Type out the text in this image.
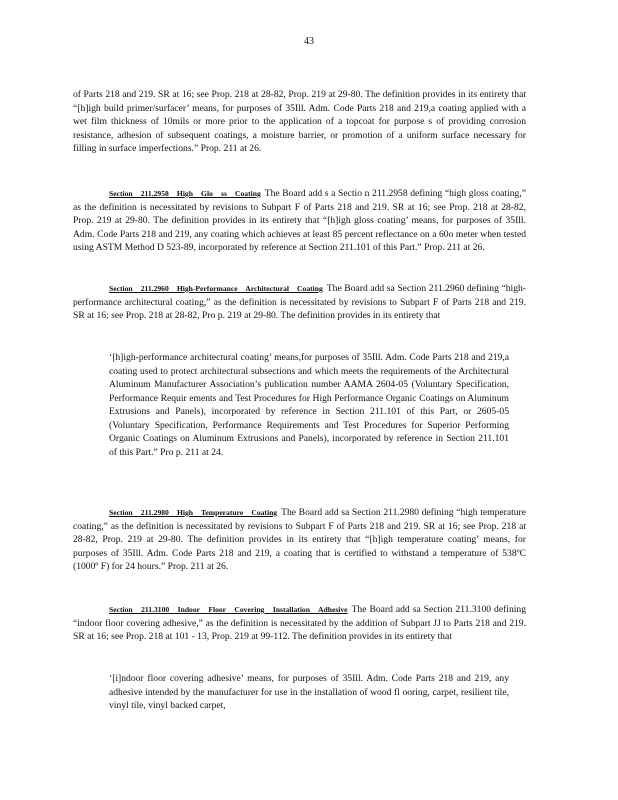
43

of Parts 218 and 219. SR at 16; see Prop. 218 at 28-82, Prop. 219 at 29-80. The definition provides in its entirety that “[h]igh build primer/surfacer’ means, for purposes of 35Ill. Adm. Code Parts 218 and 219,a coating applied with a wet film thickness of 10mils or more prior to the application of a topcoat for purpose s of providing corrosion resistance, adhesion of subsequent coatings, a moisture barrier, or promotion of a uniform surface necessary for filling in surface imperfections.” Prop. 211 at 26.

Section 211.2958 High Glo ss Coating The Board add s a Sectio n 211.2958 defining “high gloss coating,” as the definition is necessitated by revisions to Subpart F of Parts 218 and 219. SR at 16; see Prop. 218 at 28-82, Prop. 219 at 29-80. The definition provides in its entirety that “[h]igh gloss coating’ means, for purposes of 35Ill. Adm. Code Parts 218 and 219, any coating which achieves at least 85 percent reflectance on a 60o meter when tested using ASTM Method D 523-89, incorporated by reference at Section 211.101 of this Part.” Prop. 211 at 26.

Section 211.2960 High-Performance Architectural Coating The Board add sa Section 211.2960 defining “high-performance architectural coating,” as the definition is necessitated by revisions to Subpart F of Parts 218 and 219. SR at 16; see Prop. 218 at 28-82, Pro p. 219 at 29-80. The definition provides in its entirety that

‘[h]igh-performance architectural coating’ means,for purposes of 35Ill. Adm. Code Parts 218 and 219,a coating used to protect architectural subsections and which meets the requirements of the Architectural Aluminum Manufacturer Association’s publication number AAMA 2604-05 (Voluntary Specification, Performance Requir ements and Test Procedures for High Performance Organic Coatings on Aluminum Extrusions and Panels), incorporated by reference in Section 211.101 of this Part, or 2605-05 (Voluntary Specification, Performance Requirements and Test Procedures for Superior Performing Organic Coatings on Aluminum Extrusions and Panels), incorporated by reference in Section 211.101 of this Part.” Pro p. 211 at 24.

Section 211.2980 High Temperature Coating The Board add sa Section 211.2980 defining “high temperature coating,” as the definition is necessitated by revisions to Subpart F of Parts 218 and 219. SR at 16; see Prop. 218 at 28-82, Prop. 219 at 29-80. The definition provides in its entirety that “[h]igh temperature coating’ means, for purposes of 35Ill. Adm. Code Parts 218 and 219, a coating that is certified to withstand a temperature of 538ºC (1000º F) for 24 hours.” Prop. 211 at 26.

Section 211.3100 Indoor Floor Covering Installation Adhesive The Board add sa Section 211.3100 defining “indoor floor covering adhesive,” as the definition is necessitated by the addition of Subpart JJ to Parts 218 and 219. SR at 16; see Prop. 218 at 101 - 13, Prop. 219 at 99-112. The definition provides in its entirety that

‘[i]ndoor floor covering adhesive’ means, for purposes of 35Ill. Adm. Code Parts 218 and 219, any adhesive intended by the manufacturer for use in the installation of wood fl ooring, carpet, resilient tile, vinyl tile, vinyl backed carpet,
